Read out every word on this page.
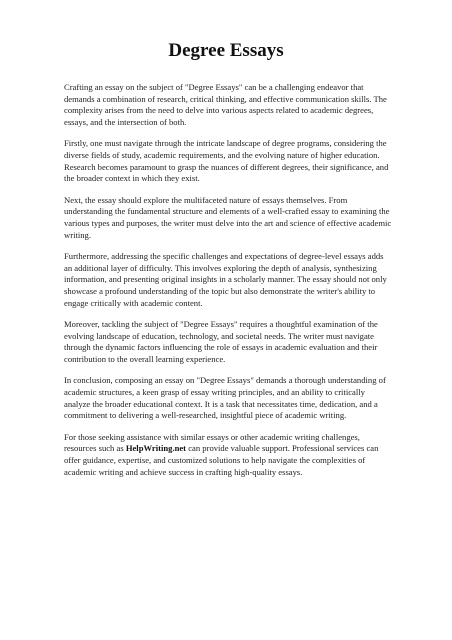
Degree Essays

Crafting an essay on the subject of "Degree Essays" can be a challenging endeavor that demands a combination of research, critical thinking, and effective communication skills. The complexity arises from the need to delve into various aspects related to academic degrees, essays, and the intersection of both.

Firstly, one must navigate through the intricate landscape of degree programs, considering the diverse fields of study, academic requirements, and the evolving nature of higher education. Research becomes paramount to grasp the nuances of different degrees, their significance, and the broader context in which they exist.

Next, the essay should explore the multifaceted nature of essays themselves. From understanding the fundamental structure and elements of a well-crafted essay to examining the various types and purposes, the writer must delve into the art and science of effective academic writing.

Furthermore, addressing the specific challenges and expectations of degree-level essays adds an additional layer of difficulty. This involves exploring the depth of analysis, synthesizing information, and presenting original insights in a scholarly manner. The essay should not only showcase a profound understanding of the topic but also demonstrate the writer's ability to engage critically with academic content.

Moreover, tackling the subject of "Degree Essays" requires a thoughtful examination of the evolving landscape of education, technology, and societal needs. The writer must navigate through the dynamic factors influencing the role of essays in academic evaluation and their contribution to the overall learning experience.

In conclusion, composing an essay on "Degree Essays" demands a thorough understanding of academic structures, a keen grasp of essay writing principles, and an ability to critically analyze the broader educational context. It is a task that necessitates time, dedication, and a commitment to delivering a well-researched, insightful piece of academic writing.

For those seeking assistance with similar essays or other academic writing challenges, resources such as HelpWriting.net can provide valuable support. Professional services can offer guidance, expertise, and customized solutions to help navigate the complexities of academic writing and achieve success in crafting high-quality essays.
